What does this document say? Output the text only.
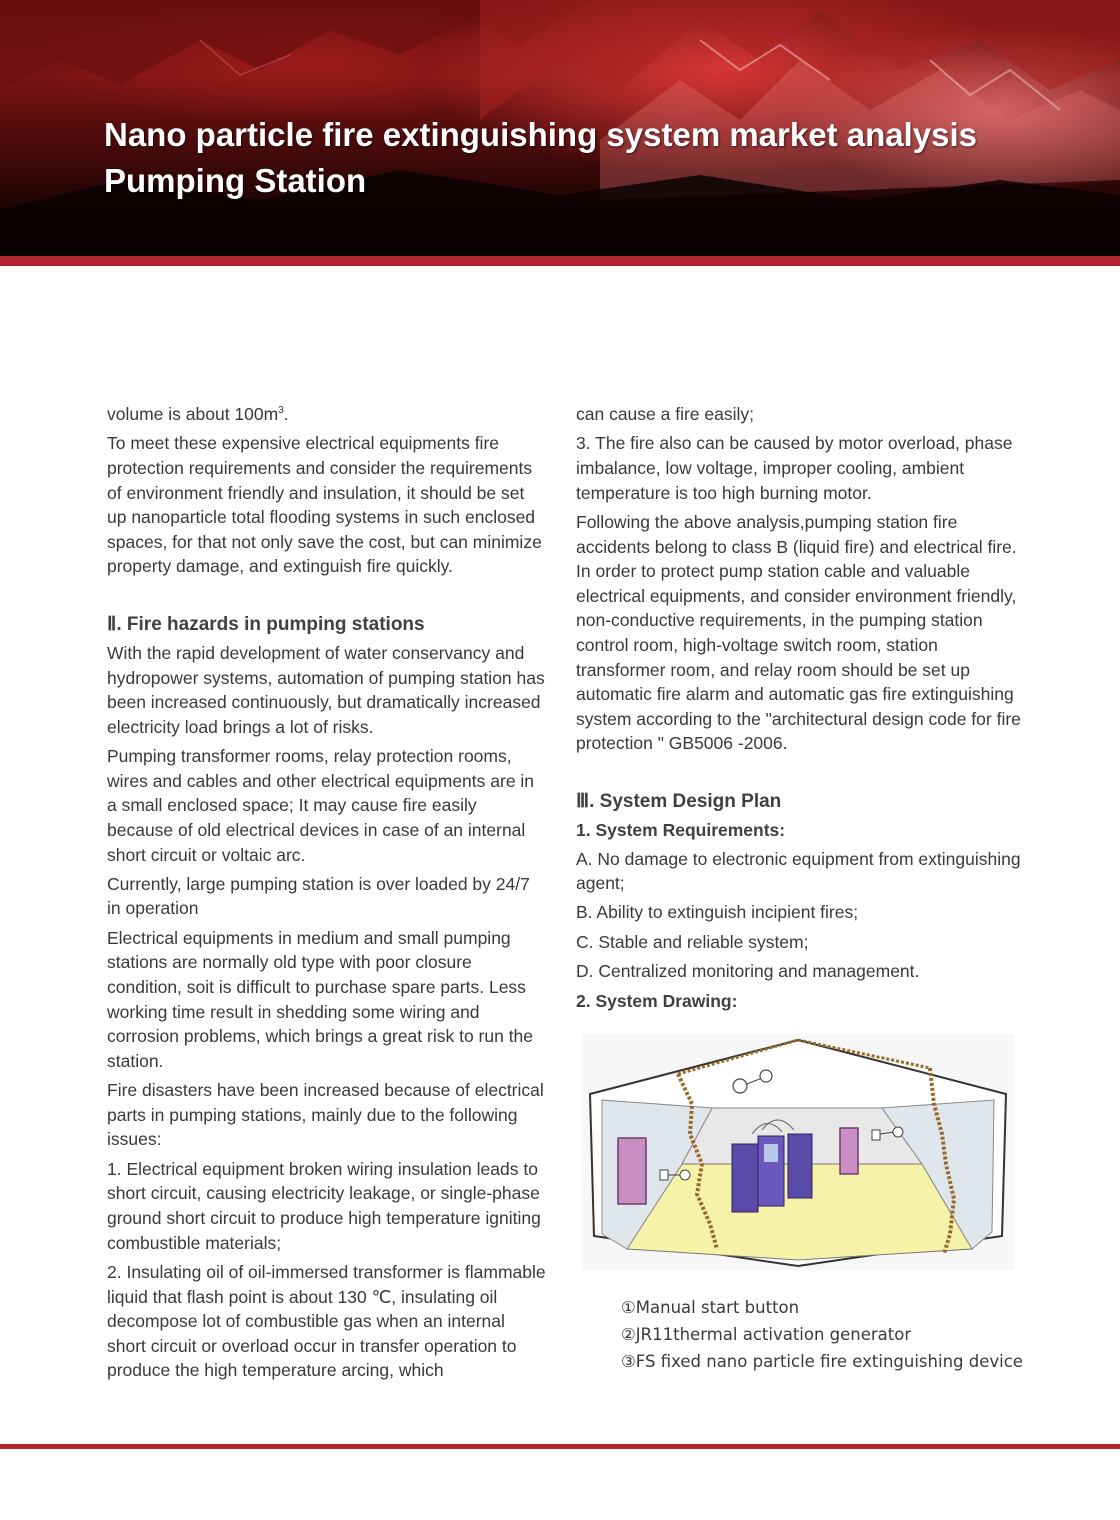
Nano particle fire extinguishing system market analysis
Pumping Station

volume is about $100m^3$.

To meet these expensive electrical equipments fire protection requirements and consider the requirements of environment friendly and insulation, it should be set up nanoparticle total flooding systems in such enclosed spaces, for that not only save the cost, but can minimize property damage, and extinguish fire quickly.

Ⅱ. Fire hazards in pumping stations

With the rapid development of water conservancy and hydropower systems, automation of pumping station has been increased continuously, but dramatically increased electricity load brings a lot of risks.

Pumping transformer rooms, relay protection rooms, wires and cables and other electrical equipments are in a small enclosed space; It may cause fire easily because of old electrical devices in case of an internal short circuit or voltaic arc.

Currently, large pumping station is over loaded by 24/7 in operation

Electrical equipments in medium and small pumping stations are normally old type with poor closure condition, soit is difficult to purchase spare parts. Less working time result in shedding some wiring and corrosion problems, which brings a great risk to run the station.

Fire disasters have been increased because of electrical parts in pumping stations, mainly due to the following issues:

1. Electrical equipment broken wiring insulation leads to short circuit, causing electricity leakage, or single-phase ground short circuit to produce high temperature igniting combustible materials;

2. Insulating oil of oil-immersed transformer is flammable liquid that flash point is about 130 ℃, insulating oil decompose lot of combustible gas when an internal short circuit or overload occur in transfer operation to produce the high temperature arcing, which

can cause a fire easily;

3. The fire also can be caused by motor overload, phase imbalance, low voltage, improper cooling, ambient temperature is too high burning motor.

Following the above analysis,pumping station fire accidents belong to class B (liquid fire) and electrical fire. In order to protect pump station cable and valuable electrical equipments, and consider environment friendly, non-conductive requirements, in the pumping station control room, high-voltage switch room, station transformer room, and relay room should be set up automatic fire alarm and automatic gas fire extinguishing system according to the "architectural design code for fire protection " GB5006 -2006.

Ⅲ. System Design Plan
1. System Requirements:

A. No damage to electronic equipment from extinguishing agent;

B. Ability to extinguish incipient fires;

C. Stable and reliable system;

D. Centralized monitoring and management.

2. System Drawing:
①Manual start button
②JR11thermal activation generator
③FS fixed nano particle fire extinguishing device
